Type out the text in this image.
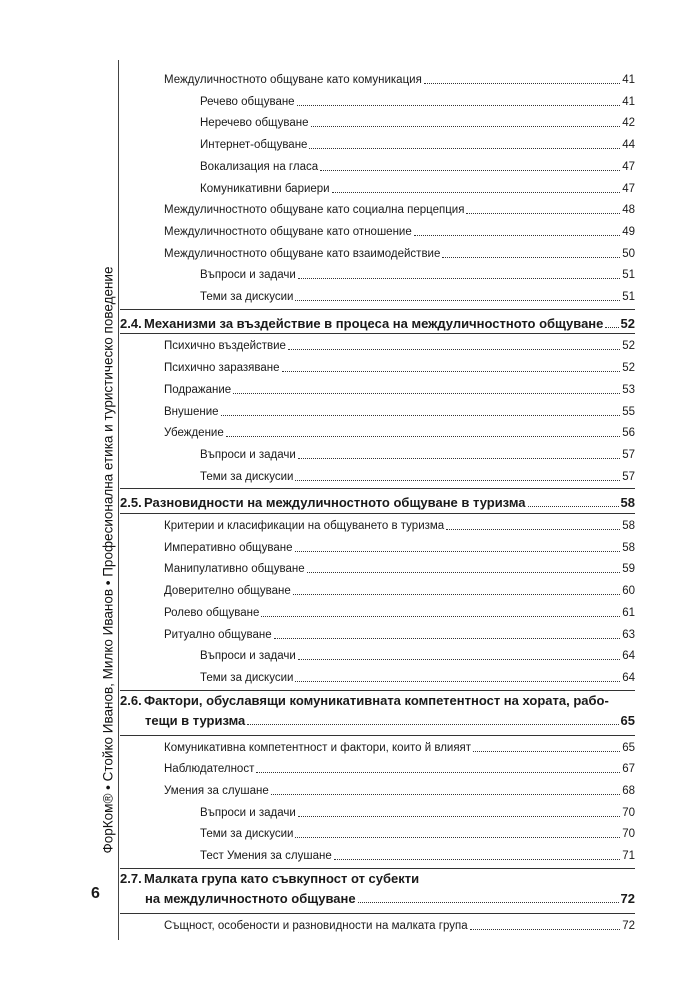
ФорКом® • Стойко Иванов, Милко Иванов • Професионална етика и туристическо поведение
6
Междуличностното общуване като комуникация	41
Речево общуване	41
Неречево общуване	42
Интернет-общуване	44
Вокализация на гласа	47
Комуникативни бариери	47
Междуличностното общуване като социална перцепция	48
Междуличностното общуване като отношение	49
Междуличностното общуване като взаимодействие	50
Въпроси и задачи	51
Теми за дискусии	51
2.4. Механизми за въздействие в процеса на междуличностното общуване 52
Психично въздействие	52
Психично заразяване	52
Подражание	53
Внушение	55
Убеждение	56
Въпроси и задачи	57
Теми за дискусии	57
2.5. Разновидности на междуличностното общуване в туризма	58
Критерии и класификации на общуването в туризма	58
Императивно общуване	58
Манипулативно общуване	59
Доверително общуване	60
Ролево общуване	61
Ритуално общуване	63
Въпроси и задачи	64
Теми за дискусии	64
2.6. Фактори, обуславящи комуникативната компетентност на хората, рабо-
тещи в туризма	65
Комуникативна компетентност и фактори, които й влияят	65
Наблюдателност	67
Умения за слушане	68
Въпроси и задачи	70
Теми за дискусии	70
Тест Умения за слушане	71
2.7. Малката група като съвкупност от субекти
на междуличностното общуване	72
Същност, особености и разновидности на малката група	72
